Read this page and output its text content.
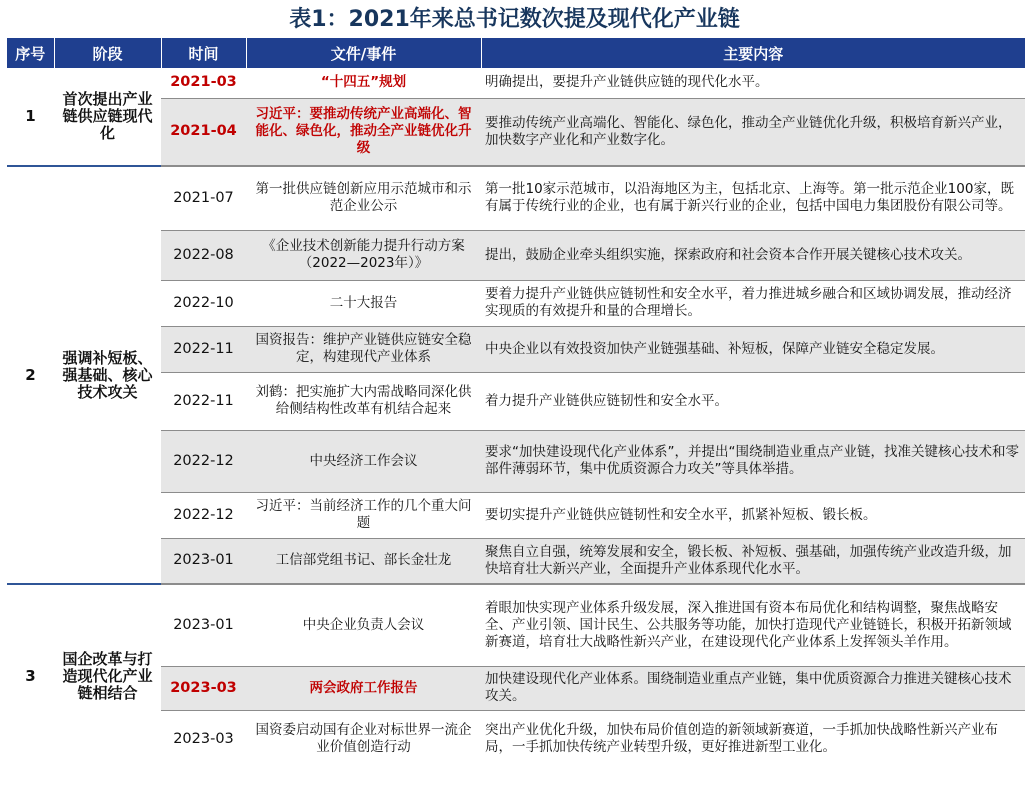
表1：2021年来总书记数次提及现代化产业链
序号	阶段	时间	文件/事件	主要内容
1	首次提出产业链供应链现代化	2021-03	“十四五”规划	明确提出，要提升产业链供应链的现代化水平。
		2021-04	习近平：要推动传统产业高端化、智能化、绿色化，推动全产业链优化升级	要推动传统产业高端化、智能化、绿色化，推动全产业链优化升级，积极培育新兴产业，加快数字产业化和产业数字化。
2	强调补短板、强基础、核心技术攻关	2021-07	第一批供应链创新应用示范城市和示范企业公示	第一批10家示范城市，以沿海地区为主，包括北京、上海等。第一批示范企业100家，既有属于传统行业的企业，也有属于新兴行业的企业，包括中国电力集团股份有限公司等。
		2022-08	《企业技术创新能力提升行动方案（2022—2023年）》	提出，鼓励企业牵头组织实施，探索政府和社会资本合作开展关键核心技术攻关。
		2022-10	二十大报告	要着力提升产业链供应链韧性和安全水平，着力推进城乡融合和区域协调发展，推动经济实现质的有效提升和量的合理增长。
		2022-11	国资报告：维护产业链供应链安全稳定，构建现代产业体系	中央企业以有效投资加快产业链强基础、补短板，保障产业链安全稳定发展。
		2022-11	刘鹤：把实施扩大内需战略同深化供给侧结构性改革有机结合起来	着力提升产业链供应链韧性和安全水平。
		2022-12	中央经济工作会议	要求“加快建设现代化产业体系”，并提出“围绕制造业重点产业链，找准关键核心技术和零部件薄弱环节，集中优质资源合力攻关”等具体举措。
		2022-12	习近平：当前经济工作的几个重大问题	要切实提升产业链供应链韧性和安全水平，抓紧补短板、锻长板。
		2023-01	工信部党组书记、部长金壮龙	聚焦自立自强，统筹发展和安全，锻长板、补短板、强基础，加强传统产业改造升级，加快培育壮大新兴产业，全面提升产业体系现代化水平。
3	国企改革与打造现代化产业链相结合	2023-01	中央企业负责人会议	着眼加快实现产业体系升级发展，深入推进国有资本布局优化和结构调整，聚焦战略安全、产业引领、国计民生、公共服务等功能，加快打造现代产业链链长，积极开拓新领域新赛道，培育壮大战略性新兴产业，在建设现代化产业体系上发挥领头羊作用。
		2023-03	两会政府工作报告	加快建设现代化产业体系。围绕制造业重点产业链，集中优质资源合力推进关键核心技术攻关。
		2023-03	国资委启动国有企业对标世界一流企业价值创造行动	突出产业优化升级，加快布局价值创造的新领域新赛道，一手抓加快战略性新兴产业布局，一手抓加快传统产业转型升级，更好推进新型工业化。
